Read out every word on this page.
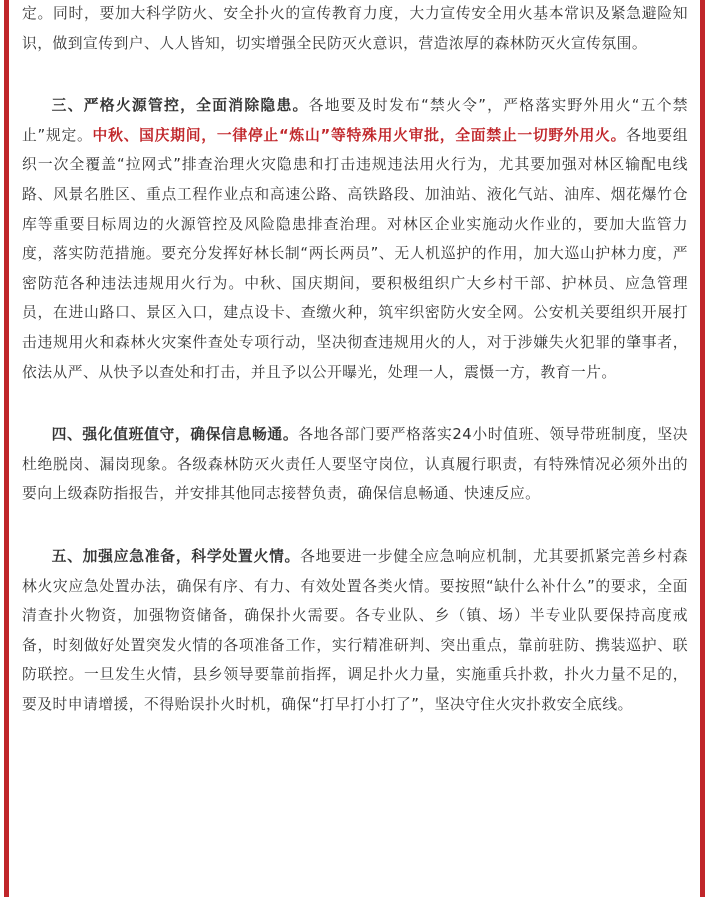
定。同时，要加大科学防火、安全扑火的宣传教育力度，大力宣传安全用火基本常识及紧急避险知识，做到宣传到户、人人皆知，切实增强全民防灭火意识，营造浓厚的森林防灭火宣传氛围。

三、严格火源管控，全面消除隐患。各地要及时发布“禁火令”，严格落实野外用火“五个禁止”规定。中秋、国庆期间，一律停止“炼山”等特殊用火审批，全面禁止一切野外用火。各地要组织一次全覆盖“拉网式”排查治理火灾隐患和打击违规违法用火行为，尤其要加强对林区输配电线路、风景名胜区、重点工程作业点和高速公路、高铁路段、加油站、液化气站、油库、烟花爆竹仓库等重要目标周边的火源管控及风险隐患排查治理。对林区企业实施动火作业的，要加大监管力度，落实防范措施。要充分发挥好林长制“两长两员”、无人机巡护的作用，加大巡山护林力度，严密防范各种违法违规用火行为。中秋、国庆期间，要积极组织广大乡村干部、护林员、应急管理员，在进山路口、景区入口，建点设卡、查缴火种，筑牢织密防火安全网。公安机关要组织开展打击违规用火和森林火灾案件查处专项行动，坚决彻查违规用火的人，对于涉嫌失火犯罪的肇事者，依法从严、从快予以查处和打击，并且予以公开曝光，处理一人，震慑一方，教育一片。

四、强化值班值守，确保信息畅通。各地各部门要严格落实24小时值班、领导带班制度，坚决杜绝脱岗、漏岗现象。各级森林防灭火责任人要坚守岗位，认真履行职责，有特殊情况必须外出的要向上级森防指报告，并安排其他同志接替负责，确保信息畅通、快速反应。

五、加强应急准备，科学处置火情。各地要进一步健全应急响应机制，尤其要抓紧完善乡村森林火灾应急处置办法，确保有序、有力、有效处置各类火情。要按照“缺什么补什么”的要求，全面清查扑火物资，加强物资储备，确保扑火需要。各专业队、乡（镇、场）半专业队要保持高度戒备，时刻做好处置突发火情的各项准备工作，实行精准研判、突出重点，靠前驻防、携装巡护、联防联控。一旦发生火情，县乡领导要靠前指挥，调足扑火力量，实施重兵扑救，扑火力量不足的，要及时申请增援，不得贻误扑火时机，确保“打早打小打了”，坚决守住火灾扑救安全底线。
